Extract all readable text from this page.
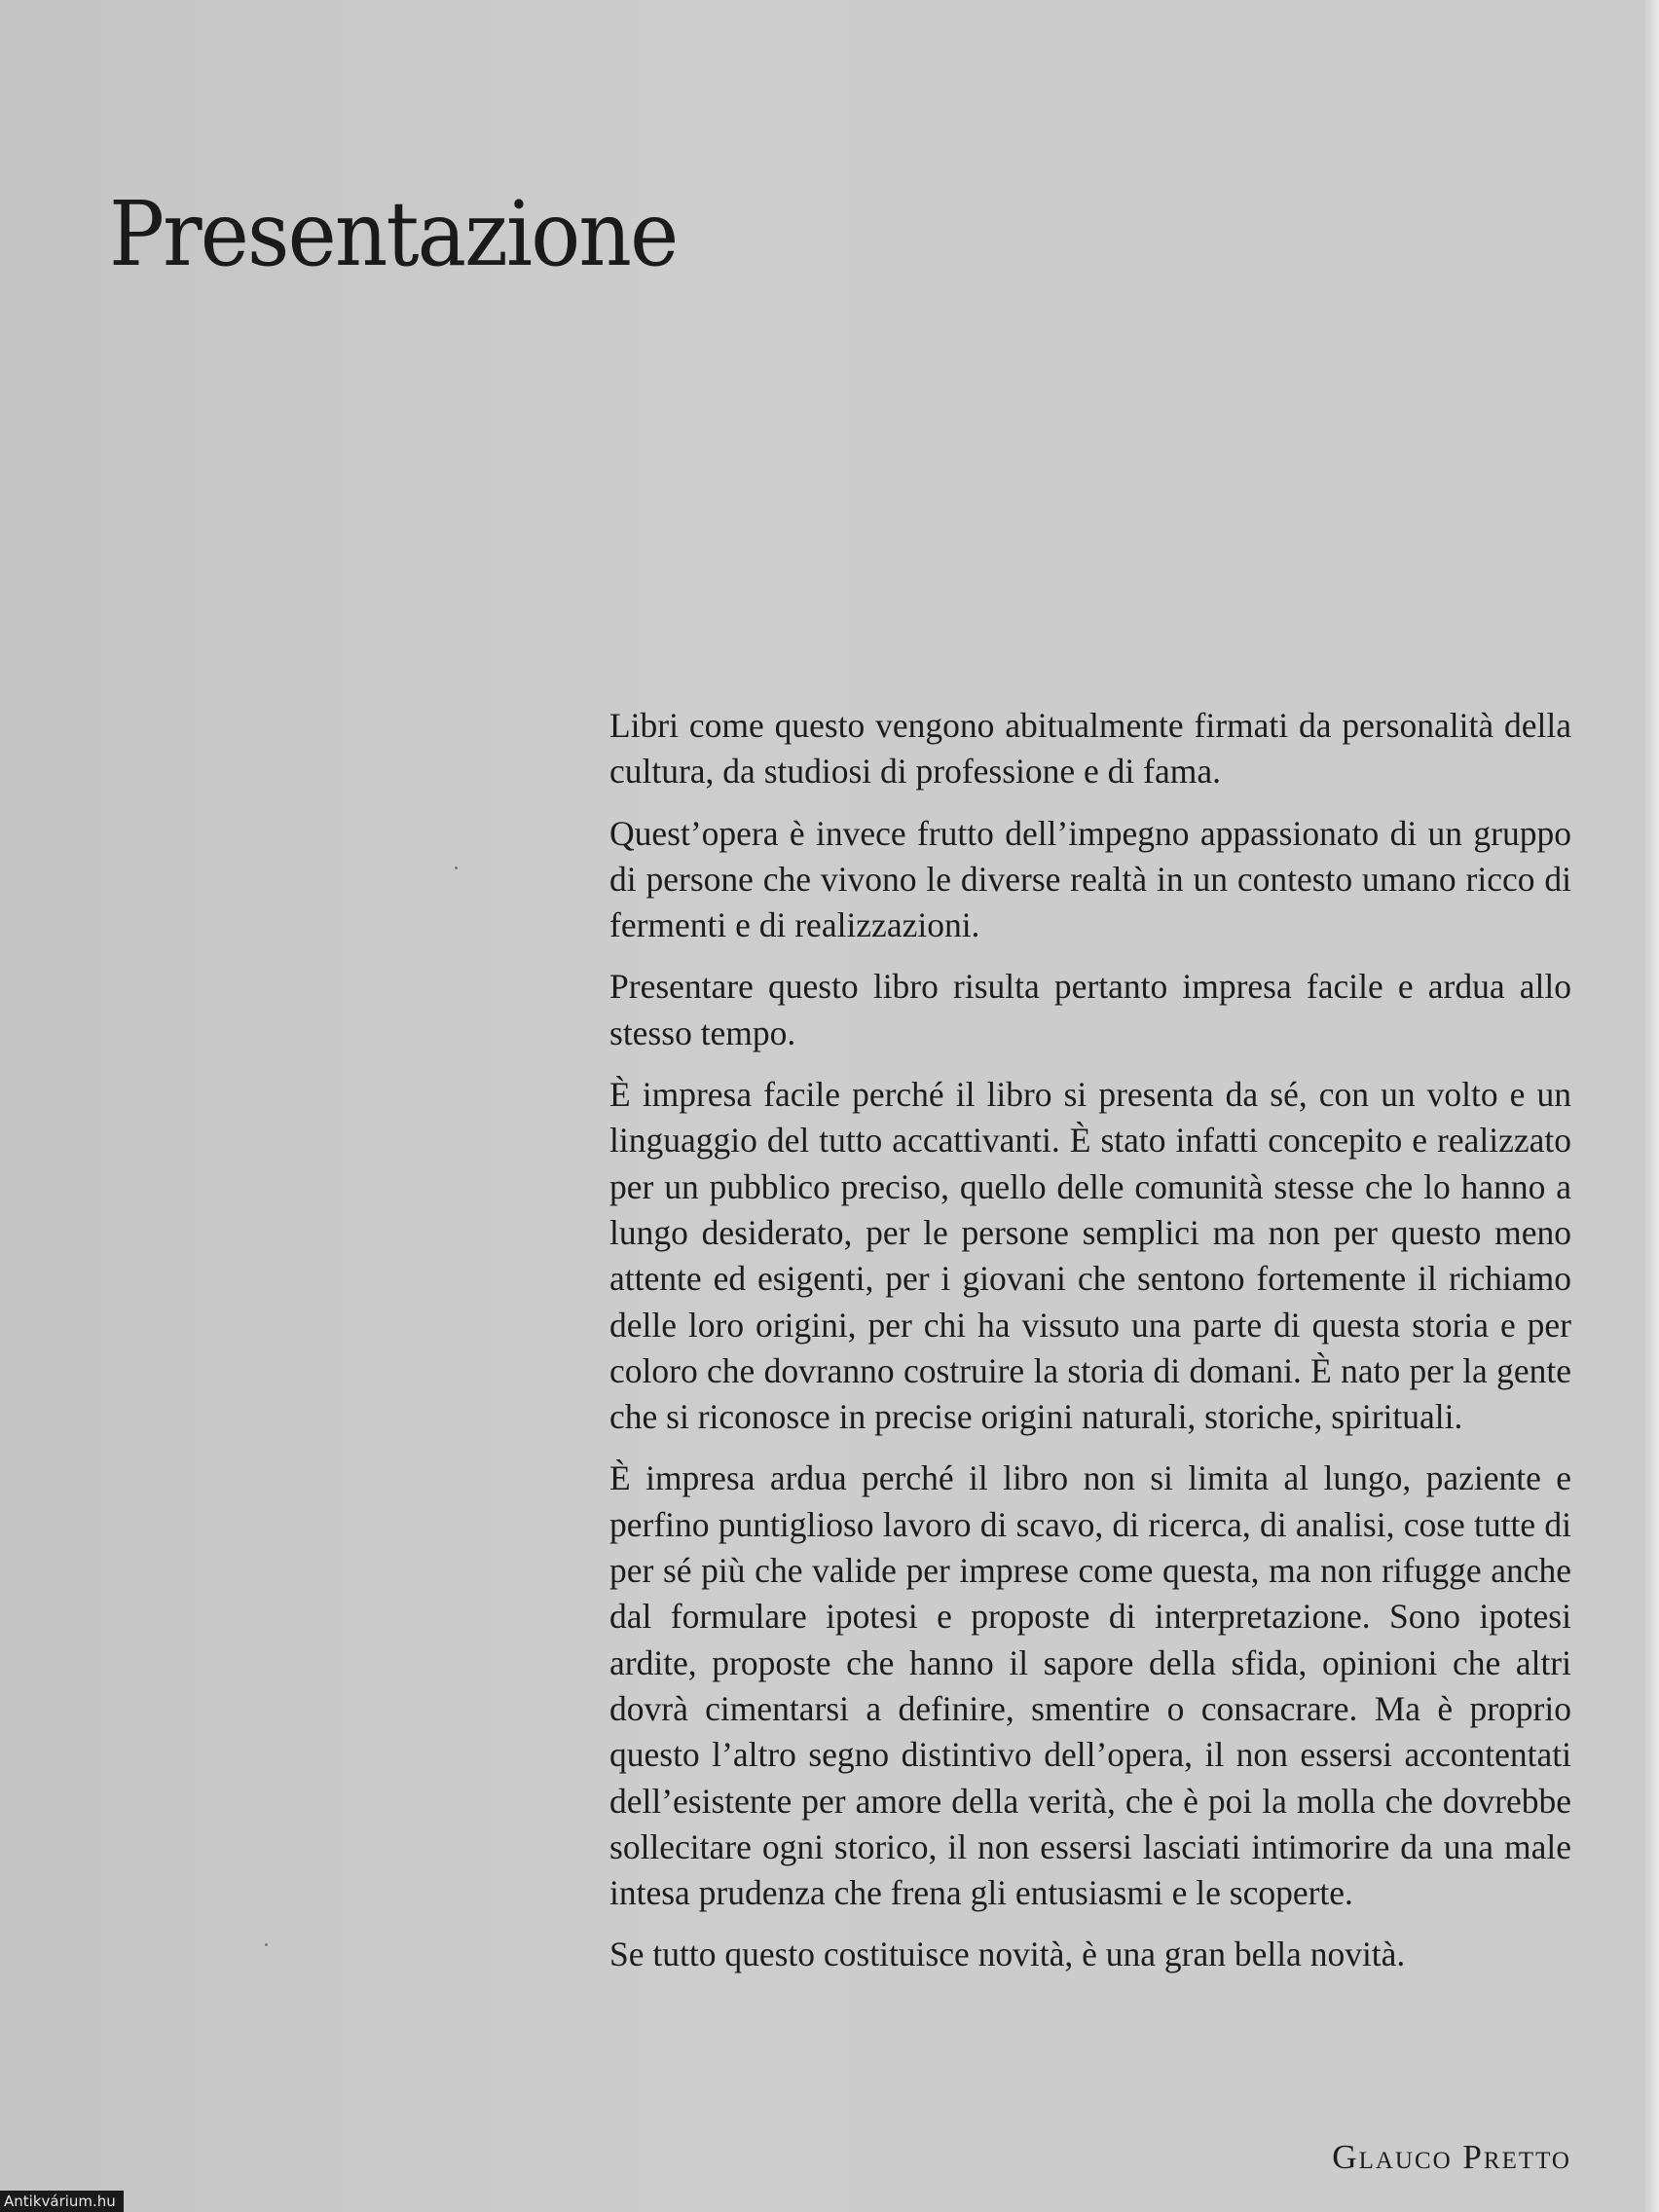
Presentazione

Libri come questo vengono abitualmente firmati da personalità della cultura, da studiosi di professione e di fama.

Quest’opera è invece frutto dell’impegno appassionato di un gruppo di persone che vivono le diverse realtà in un contesto umano ricco di fermenti e di realizzazioni.

Presentare questo libro risulta pertanto impresa facile e ardua allo stesso tempo.

È impresa facile perché il libro si presenta da sé, con un volto e un linguaggio del tutto accattivanti. È stato infatti concepito e realizzato per un pubblico preciso, quello delle comunità stesse che lo hanno a lungo desiderato, per le persone semplici ma non per questo meno attente ed esigenti, per i giovani che sentono fortemente il richiamo delle loro origini, per chi ha vissuto una parte di questa storia e per coloro che dovranno costruire la storia di domani. È nato per la gente che si riconosce in precise origini naturali, storiche, spirituali.

È impresa ardua perché il libro non si limita al lungo, paziente e perfino puntiglioso lavoro di scavo, di ricerca, di analisi, cose tutte di per sé più che valide per imprese come questa, ma non rifugge anche dal formulare ipotesi e proposte di interpretazione. Sono ipotesi ardite, proposte che hanno il sapore della sfida, opinioni che altri dovrà cimentarsi a definire, smentire o consacrare. Ma è proprio questo l’altro segno distintivo dell’opera, il non essersi accontentati dell’esistente per amore della verità, che è poi la molla che dovrebbe sollecitare ogni storico, il non essersi lasciati intimorire da una male intesa prudenza che frena gli entusiasmi e le scoperte.

Se tutto questo costituisce novità, è una gran bella novità.

Glauco Pretto
Antikvárium.hu
